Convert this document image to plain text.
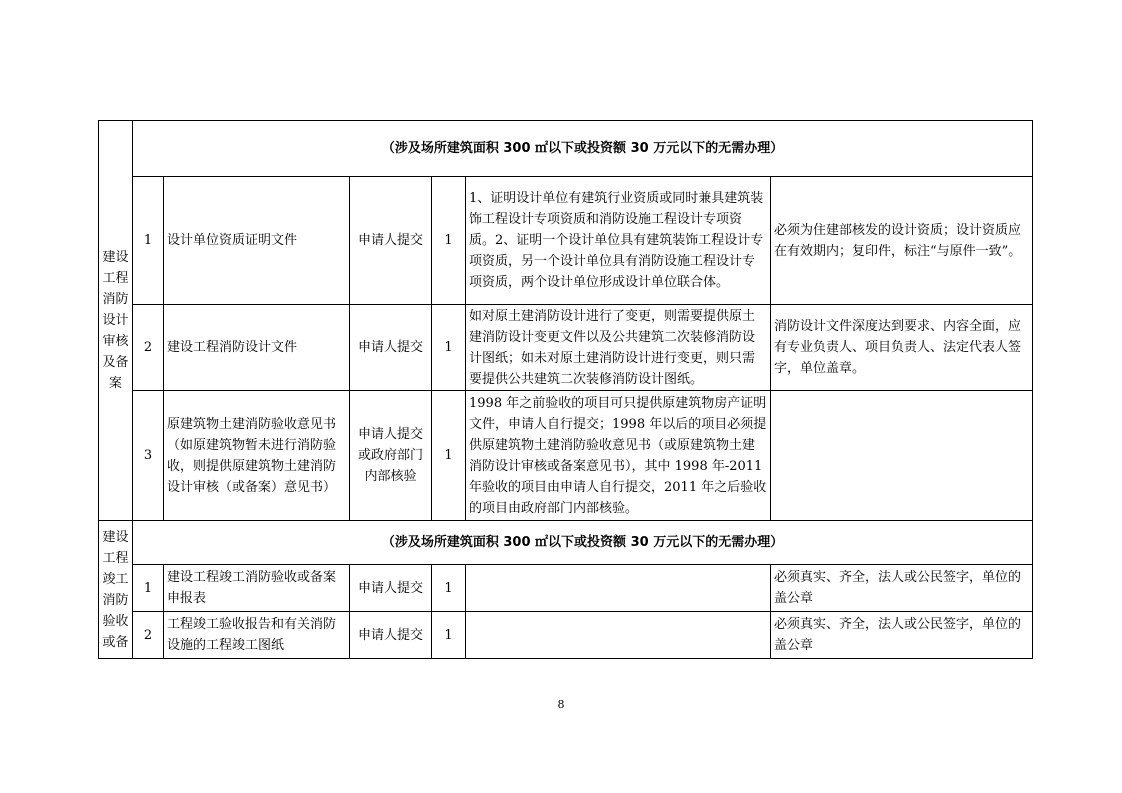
建设工程消防设计审核及备案	（涉及场所建筑面积 300 ㎡以下或投资额 30 万元以下的无需办理）					
	1	设计单位资质证明文件	申请人提交	1	1、证明设计单位有建筑行业资质或同时兼具建筑装饰工程设计专项资质和消防设施工程设计专项资质。2、证明一个设计单位具有建筑装饰工程设计专项资质，另一个设计单位具有消防设施工程设计专项资质，两个设计单位形成设计单位联合体。	必须为住建部核发的设计资质；设计资质应在有效期内；复印件，标注“与原件一致”。
	2	建设工程消防设计文件	申请人提交	1	如对原土建消防设计进行了变更，则需要提供原土建消防设计变更文件以及公共建筑二次装修消防设计图纸；如未对原土建消防设计进行变更，则只需要提供公共建筑二次装修消防设计图纸。	消防设计文件深度达到要求、内容全面，应有专业负责人、项目负责人、法定代表人签字，单位盖章。
	3	原建筑物土建消防验收意见书（如原建筑物暂未进行消防验收，则提供原建筑物土建消防设计审核（或备案）意见书）	申请人提交或政府部门内部核验	1	1998 年之前验收的项目可只提供原建筑物房产证明文件，申请人自行提交；1998 年以后的项目必须提供原建筑物土建消防验收意见书（或原建筑物土建消防设计审核或备案意见书），其中 1998 年-2011 年验收的项目由申请人自行提交，2011 年之后验收的项目由政府部门内部核验。	
建设工程竣工消防验收或备	（涉及场所建筑面积 300 ㎡以下或投资额 30 万元以下的无需办理）					
	1	建设工程竣工消防验收或备案申报表	申请人提交	1		必须真实、齐全，法人或公民签字，单位的盖公章
	2	工程竣工验收报告和有关消防设施的工程竣工图纸	申请人提交	1		必须真实、齐全，法人或公民签字，单位的盖公章
8
